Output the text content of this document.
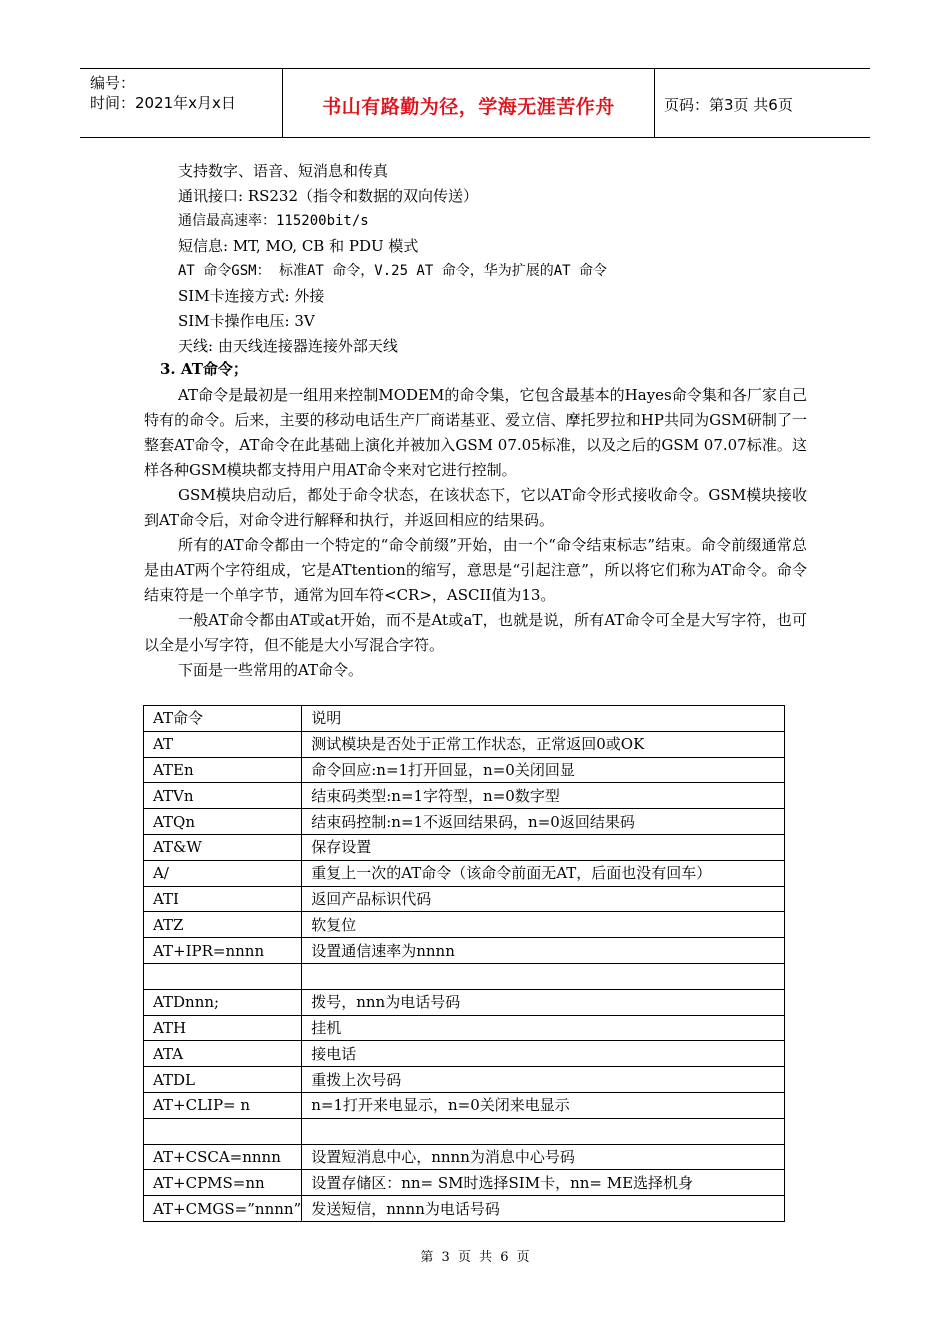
编号：
时间：2021年x月x日	书山有路勤为径，学海无涯苦作舟	页码：第3页 共6页
支持数字、语音、短消息和传真
通讯接口: RS232（指令和数据的双向传送）
通信最高速率：115200bit/s
短信息: MT, MO, CB 和 PDU 模式
AT 命令GSM： 标准AT 命令，V.25 AT 命令，华为扩展的AT 命令
SIM卡连接方式: 外接
SIM卡操作电压: 3V
天线: 由天线连接器连接外部天线
3. AT命令；
AT命令是最初是一组用来控制MODEM的命令集，它包含最基本的Hayes命令集和各厂家自己特有的命令。后来，主要的移动电话生产厂商诺基亚、爱立信、摩托罗拉和HP共同为GSM研制了一整套AT命令，AT命令在此基础上演化并被加入GSM 07.05标准，以及之后的GSM 07.07标准。这样各种GSM模块都支持用户用AT命令来对它进行控制。
GSM模块启动后，都处于命令状态，在该状态下，它以AT命令形式接收命令。GSM模块接收到AT命令后，对命令进行解释和执行，并返回相应的结果码。
所有的AT命令都由一个特定的“命令前缀”开始，由一个“命令结束标志”结束。命令前缀通常总是由AT两个字符组成，它是ATtention的缩写，意思是“引起注意”，所以将它们称为AT命令。命令结束符是一个单字节，通常为回车符<CR>，ASCII值为13。
一般AT命令都由AT或at开始，而不是At或aT，也就是说，所有AT命令可全是大写字符，也可以全是小写字符，但不能是大小写混合字符。
下面是一些常用的AT命令。
AT命令	说明
AT	测试模块是否处于正常工作状态，正常返回0或OK
ATEn	命令回应:n=1打开回显，n=0关闭回显
ATVn	结束码类型:n=1字符型，n=0数字型
ATQn	结束码控制:n=1不返回结果码，n=0返回结果码
AT&W	保存设置
A/	重复上一次的AT命令（该命令前面无AT，后面也没有回车）
ATI	返回产品标识代码
ATZ	软复位
AT+IPR=nnnn	设置通信速率为nnnn

ATDnnn;	拨号，nnn为电话号码
ATH	挂机
ATA	接电话
ATDL	重拨上次号码
AT+CLIP= n	n=1打开来电显示，n=0关闭来电显示

AT+CSCA=nnnn	设置短消息中心，nnnn为消息中心号码
AT+CPMS=nn	设置存储区：nn= SM时选择SIM卡，nn= ME选择机身
AT+CMGS=”nnnn”	发送短信，nnnn为电话号码
第 3 页 共 6 页
